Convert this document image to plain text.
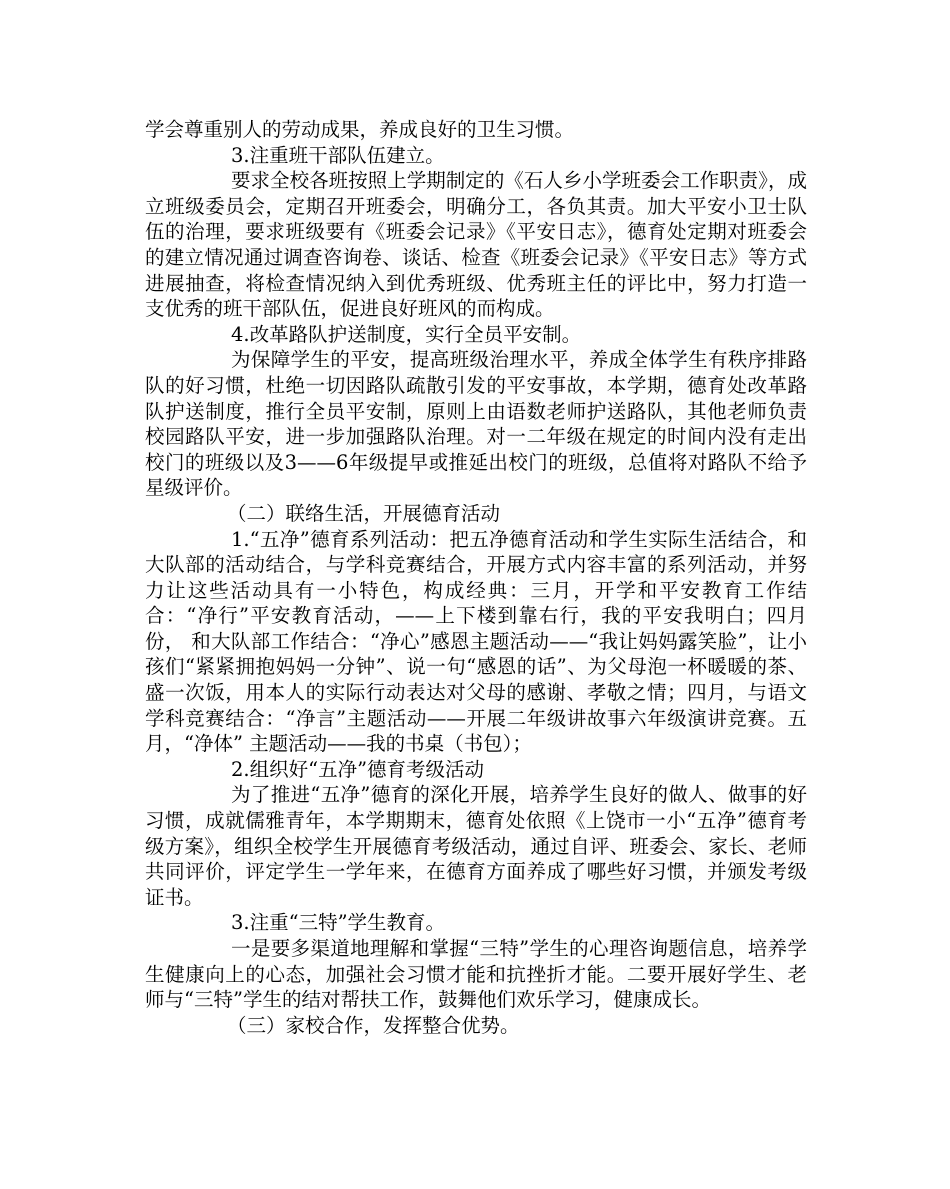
学会尊重别人的劳动成果，养成良好的卫生习惯。

3.注重班干部队伍建立。

要求全校各班按照上学期制定的《石人乡小学班委会工作职责》，成立班级委员会，定期召开班委会，明确分工，各负其责。加大平安小卫士队伍的治理，要求班级要有《班委会记录》《平安日志》，德育处定期对班委会的建立情况通过调查咨询卷、谈话、检查《班委会记录》《平安日志》等方式进展抽查，将检查情况纳入到优秀班级、优秀班主任的评比中，努力打造一支优秀的班干部队伍，促进良好班风的而构成。

4.改革路队护送制度，实行全员平安制。

为保障学生的平安，提高班级治理水平，养成全体学生有秩序排路队的好习惯，杜绝一切因路队疏散引发的平安事故，本学期，德育处改革路队护送制度，推行全员平安制，原则上由语数老师护送路队，其他老师负责校园路队平安，进一步加强路队治理。对一二年级在规定的时间内没有走出校门的班级以及3——6年级提早或推延出校门的班级，总值将对路队不给予星级评价。

（二）联络生活，开展德育活动

1.“五净”德育系列活动：把五净德育活动和学生实际生活结合，和大队部的活动结合，与学科竞赛结合，开展方式内容丰富的系列活动，并努力让这些活动具有一小特色，构成经典：三月，开学和平安教育工作结合：“净行”平安教育活动，——上下楼到靠右行，我的平安我明白；四月份， 和大队部工作结合：“净心”感恩主题活动——“我让妈妈露笑脸”，让小孩们“紧紧拥抱妈妈一分钟”、说一句“感恩的话”、为父母泡一杯暖暖的茶、盛一次饭，用本人的实际行动表达对父母的感谢、孝敬之情；四月，与语文学科竞赛结合：“净言”主题活动——开展二年级讲故事六年级演讲竞赛。五月，“净体” 主题活动——我的书桌（书包）；

2.组织好“五净”德育考级活动

为了推进“五净”德育的深化开展，培养学生良好的做人、做事的好习惯，成就儒雅青年，本学期期末，德育处依照《上饶市一小“五净”德育考级方案》，组织全校学生开展德育考级活动，通过自评、班委会、家长、老师共同评价，评定学生一学年来，在德育方面养成了哪些好习惯，并颁发考级证书。

3.注重“三特”学生教育。

一是要多渠道地理解和掌握“三特”学生的心理咨询题信息，培养学生健康向上的心态，加强社会习惯才能和抗挫折才能。二要开展好学生、老师与“三特”学生的结对帮扶工作，鼓舞他们欢乐学习，健康成长。

（三）家校合作，发挥整合优势。
